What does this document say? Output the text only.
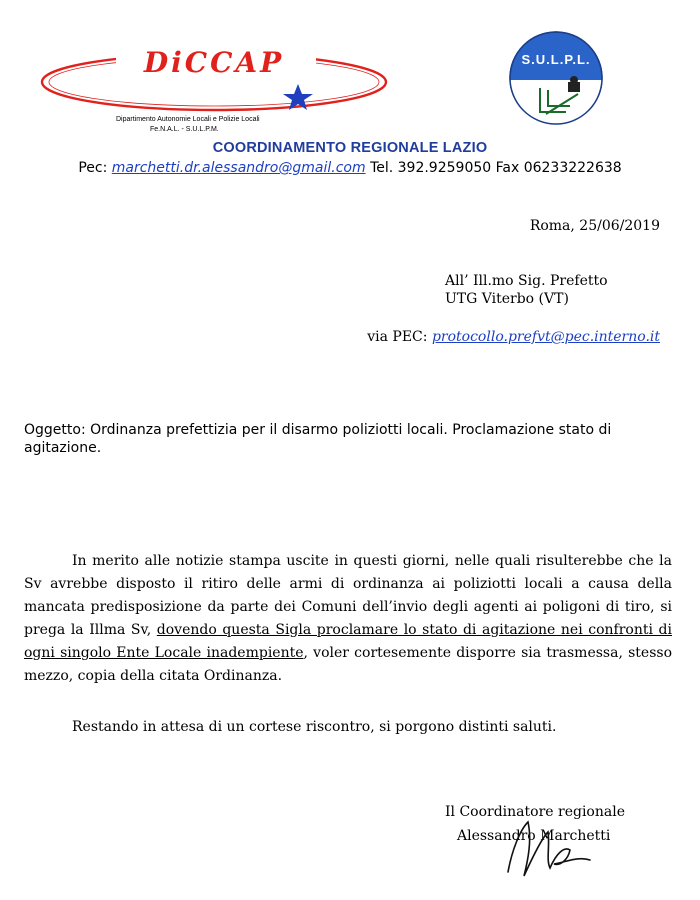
DiCCAP
Dipartimento Autonomie Locali e Polizie Locali
Fe.N.A.L. - S.U.L.P.M.
S.U.L.P.L.
COORDINAMENTO REGIONALE LAZIO
Pec: marchetti.dr.alessandro@gmail.com Tel. 392.9259050 Fax 06233222638
Roma, 25/06/2019
All’ Ill.mo Sig. Prefetto
UTG Viterbo (VT)
via PEC: protocollo.prefvt@pec.interno.it
Oggetto: Ordinanza prefettizia per il disarmo poliziotti locali. Proclamazione stato di agitazione.
In merito alle notizie stampa uscite in questi giorni, nelle quali risulterebbe che la Sv avrebbe disposto il ritiro delle armi di ordinanza ai poliziotti locali a causa della mancata predisposizione da parte dei Comuni dell’invio degli agenti ai poligoni di tiro, si prega la Illma Sv, dovendo questa Sigla proclamare lo stato di agitazione nei confronti di ogni singolo Ente Locale inadempiente, voler cortesemente disporre sia trasmessa, stesso mezzo, copia della citata Ordinanza.
Restando in attesa di un cortese riscontro, si porgono distinti saluti.
Il Coordinatore regionale
Alessandro Marchetti
